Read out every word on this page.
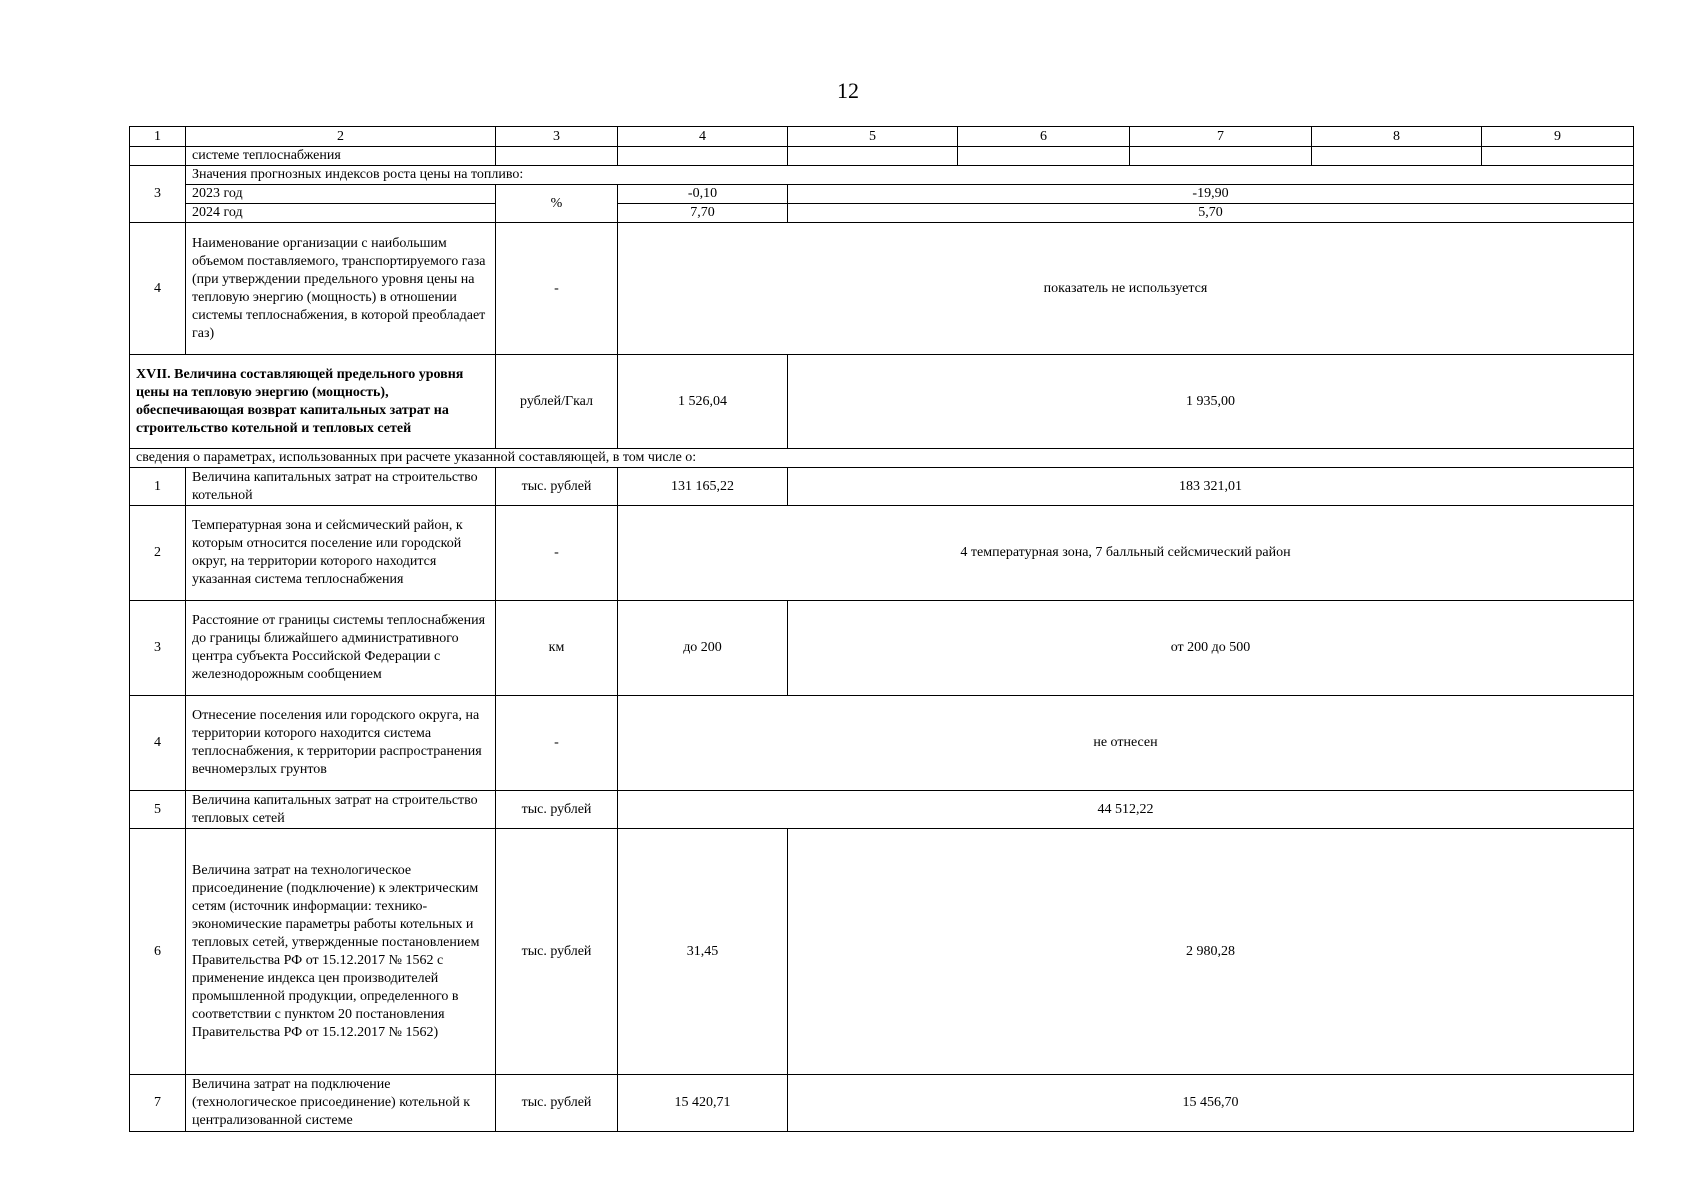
12
1	2	3	4	5	6	7	8	9
	системе теплоснабжения							
3	Значения прогнозных индексов роста цены на топливо:							
	2023 год	%	-0,10	-19,90				
	2024 год		7,70	5,70				
4	Наименование организации с наибольшим объемом поставляемого, транспортируемого газа (при утверждении предельного уровня цены на тепловую энергию (мощность) в отношении системы теплоснабжения, в которой преобладает газ)	-	показатель не используется					
XVII. Величина составляющей предельного уровня цены на тепловую энергию (мощность), обеспечивающая возврат капитальных затрат на строительство котельной и тепловых сетей		рублей/Гкал	1 526,04	1 935,00				
сведения о параметрах, использованных при расчете указанной составляющей, в том числе о:								
1	Величина капитальных затрат на строительство котельной	тыс. рублей	131 165,22	183 321,01				
2	Температурная зона и сейсмический район, к которым относится поселение или городской округ, на территории которого находится указанная система теплоснабжения	-	4 температурная зона, 7 балльный сейсмический район					
3	Расстояние от границы системы теплоснабжения до границы ближайшего административного центра субъекта Российской Федерации с железнодорожным сообщением	км	до 200	от 200 до 500				
4	Отнесение поселения или городского округа, на территории которого находится система теплоснабжения, к территории распространения вечномерзлых грунтов	-	не отнесен					
5	Величина капитальных затрат на строительство тепловых сетей	тыс. рублей	44 512,22					
6	Величина затрат на технологическое присоединение (подключение) к электрическим сетям (источник информации: технико-экономические параметры работы котельных и тепловых сетей, утвержденные постановлением Правительства РФ от 15.12.2017 № 1562 с применение индекса цен производителей промышленной продукции, определенного в соответствии с пунктом 20 постановления Правительства РФ от 15.12.2017 № 1562)	тыс. рублей	31,45	2 980,28				
7	Величина затрат на подключение (технологическое присоединение) котельной к централизованной системе	тыс. рублей	15 420,71	15 456,70				
